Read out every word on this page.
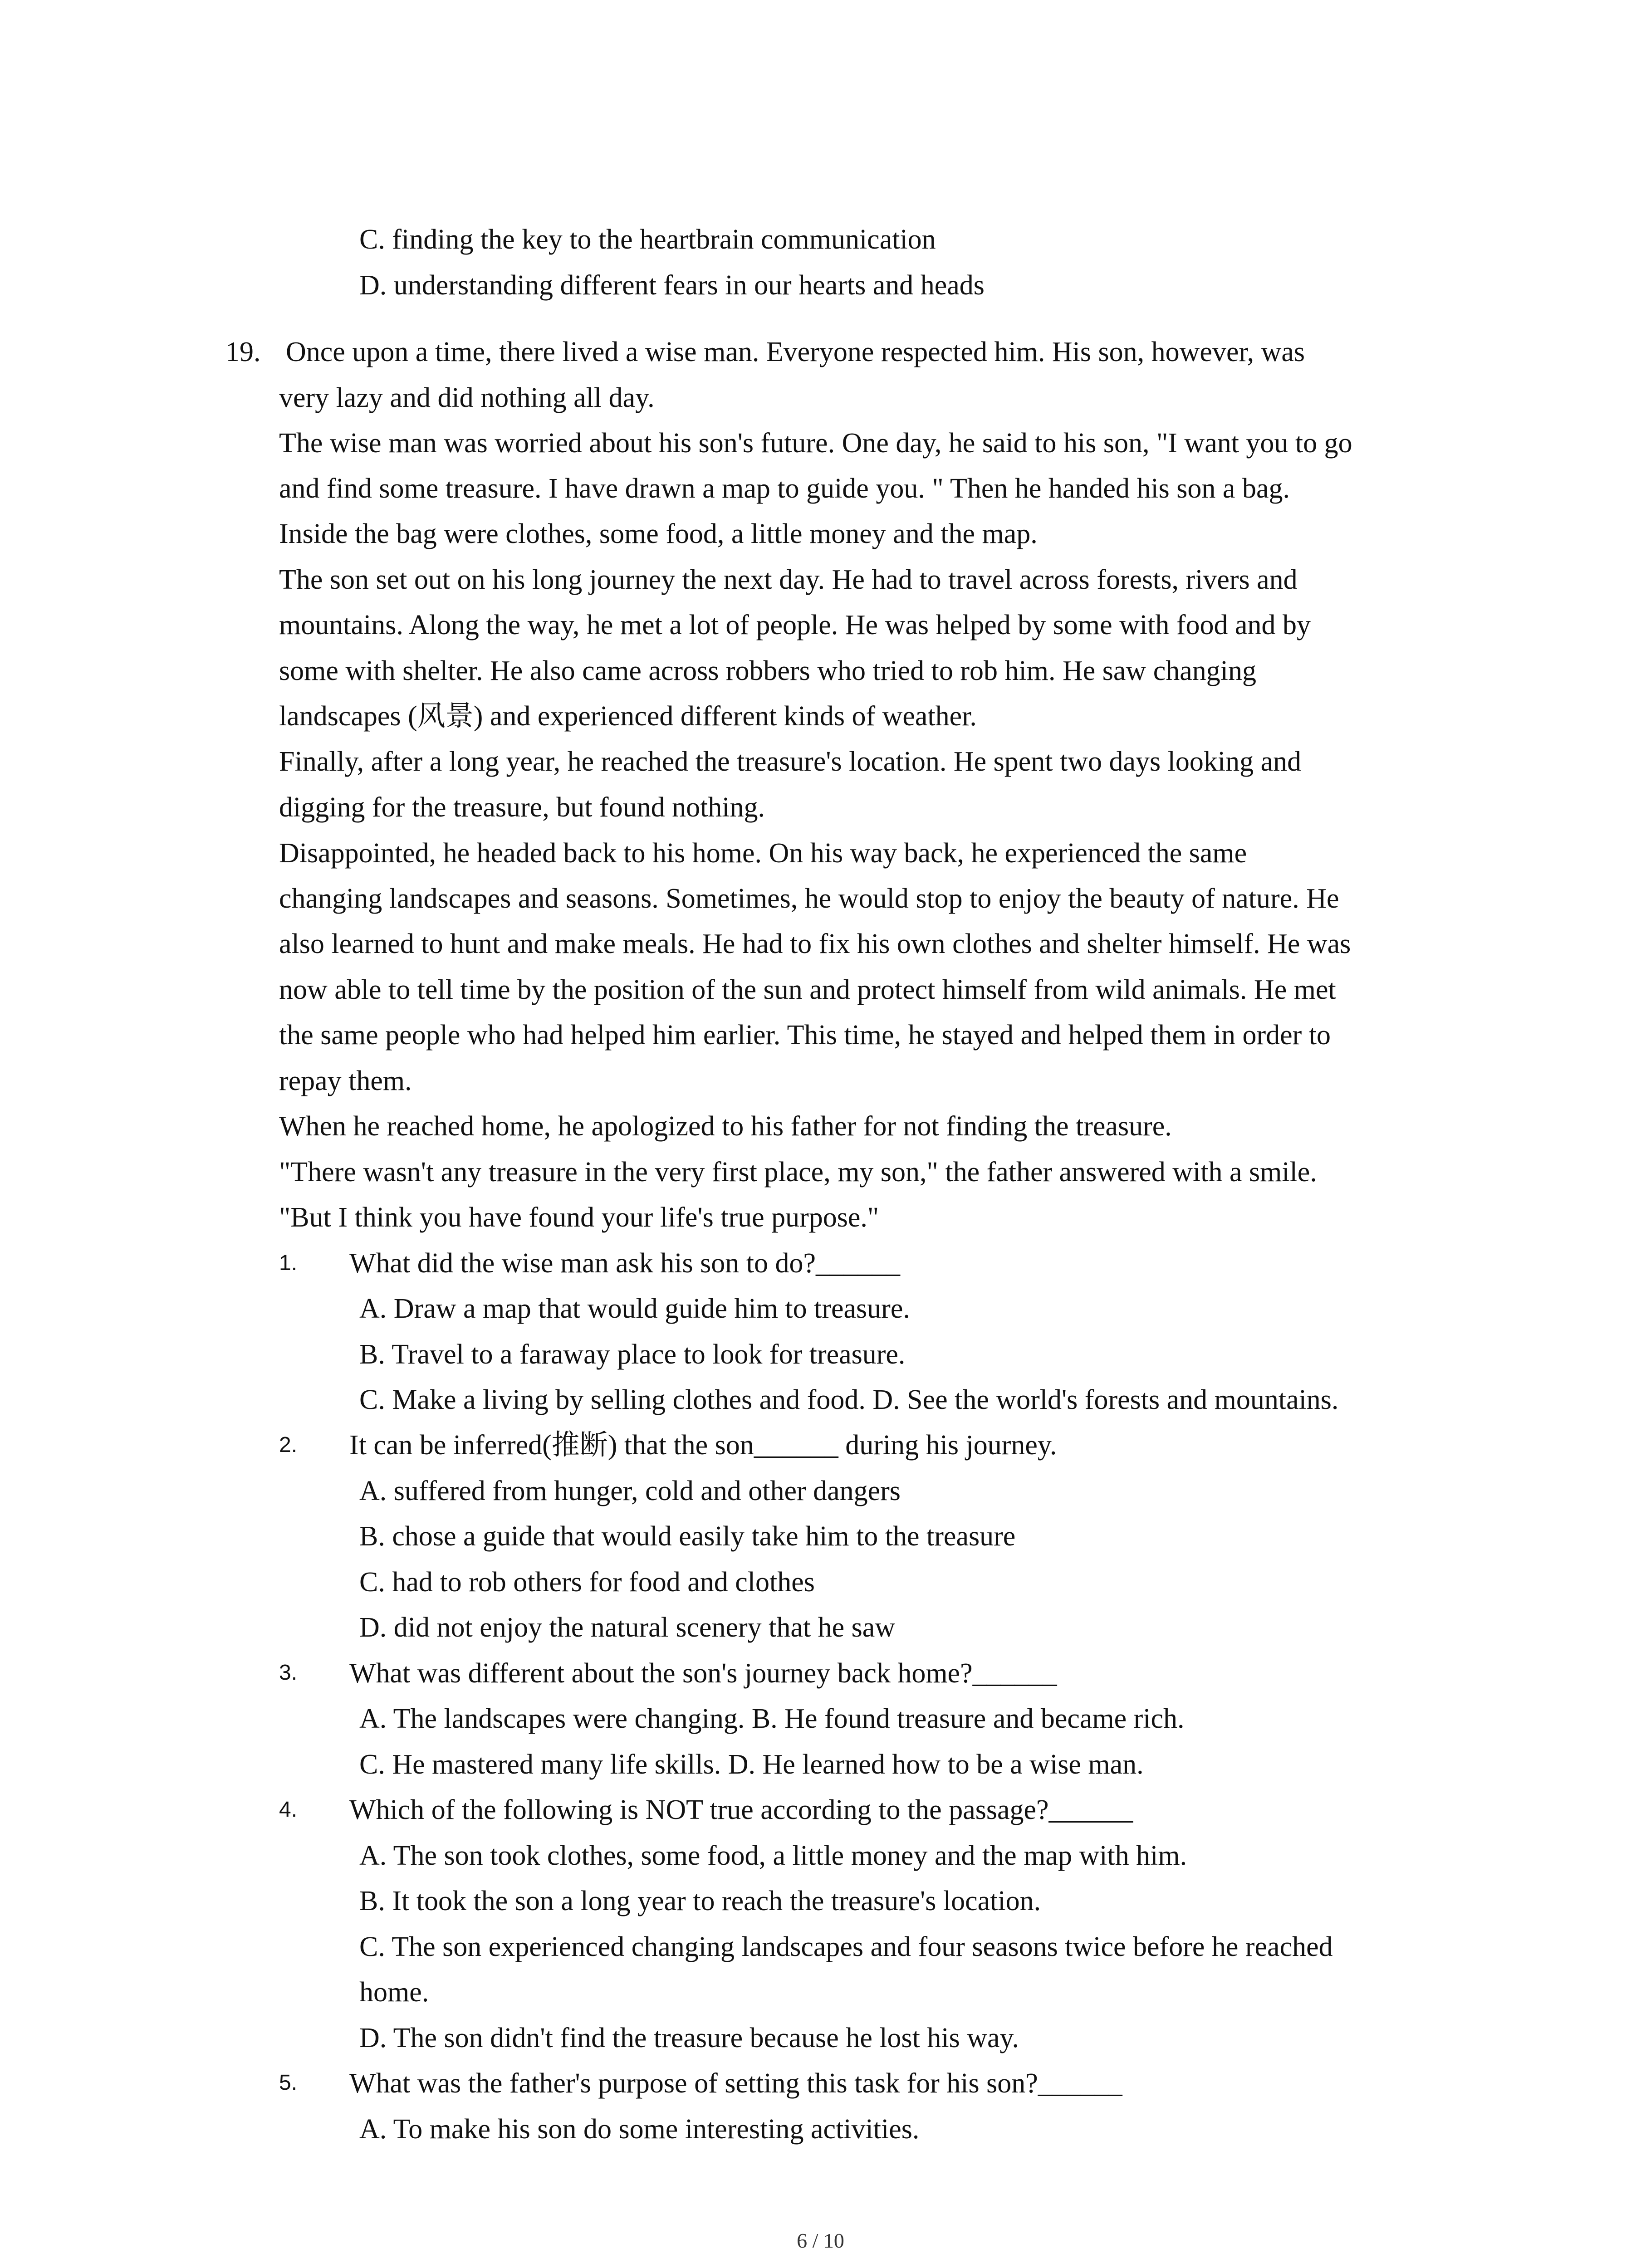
C. finding the key to the heartbrain communication
D. understanding different fears in our hearts and heads
19. Once upon a time, there lived a wise man. Everyone respected him. His son, however, was
very lazy and did nothing all day.
The wise man was worried about his son's future. One day, he said to his son, "I want you to go
and find some treasure. I have drawn a map to guide you. " Then he handed his son a bag.
Inside the bag were clothes, some food, a little money and the map.
The son set out on his long journey the next day. He had to travel across forests, rivers and
mountains. Along the way, he met a lot of people. He was helped by some with food and by
some with shelter. He also came across robbers who tried to rob him. He saw changing
landscapes (风景) and experienced different kinds of weather.
Finally, after a long year, he reached the treasure's location. He spent two days looking and
digging for the treasure, but found nothing.
Disappointed, he headed back to his home. On his way back, he experienced the same
changing landscapes and seasons. Sometimes, he would stop to enjoy the beauty of nature. He
also learned to hunt and make meals. He had to fix his own clothes and shelter himself. He was
now able to tell time by the position of the sun and protect himself from wild animals. He met
the same people who had helped him earlier. This time, he stayed and helped them in order to
repay them.
When he reached home, he apologized to his father for not finding the treasure.
"There wasn't any treasure in the very first place, my son," the father answered with a smile.
"But I think you have found your life's true purpose."
1. What did the wise man ask his son to do?______
A. Draw a map that would guide him to treasure.
B. Travel to a faraway place to look for treasure.
C. Make a living by selling clothes and food. D. See the world's forests and mountains.
2. It can be inferred(推断) that the son______ during his journey.
A. suffered from hunger, cold and other dangers
B. chose a guide that would easily take him to the treasure
C. had to rob others for food and clothes
D. did not enjoy the natural scenery that he saw
3. What was different about the son's journey back home?______
A. The landscapes were changing. B. He found treasure and became rich.
C. He mastered many life skills. D. He learned how to be a wise man.
4. Which of the following is NOT true according to the passage?______
A. The son took clothes, some food, a little money and the map with him.
B. It took the son a long year to reach the treasure's location.
C. The son experienced changing landscapes and four seasons twice before he reached
home.
D. The son didn't find the treasure because he lost his way.
5. What was the father's purpose of setting this task for his son?______
A. To make his son do some interesting activities.
6 / 10
